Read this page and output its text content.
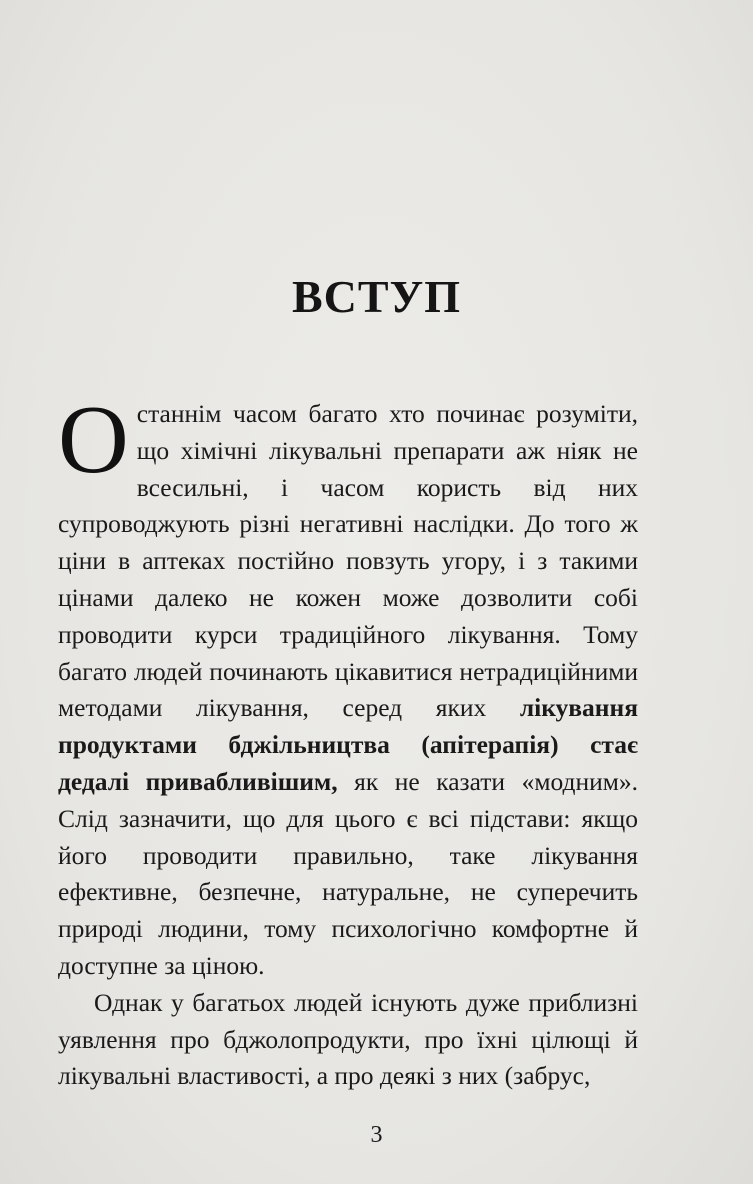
ВСТУП

Останнім часом багато хто починає розуміти, що хімічні лікувальні препарати аж ніяк не всесильні, і часом користь від них супроводжують різні негативні наслідки. До того ж ціни в аптеках постійно повзуть угору, і з такими цінами далеко не кожен може дозволити собі проводити курси традиційного лікування. Тому багато людей починають цікавитися нетрадиційними методами лікування, серед яких лікування продуктами бджільництва (апітерапія) стає дедалі привабливішим, як не казати «модним». Слід зазначити, що для цього є всі підстави: якщо його проводити правильно, таке лікування ефективне, безпечне, натуральне, не суперечить природі людини, тому психологічно комфортне й доступне за ціною.

Однак у багатьох людей існують дуже приблизні уявлення про бджолопродукти, про їхні цілющі й лікувальні властивості, а про деякі з них (забрус,

3
